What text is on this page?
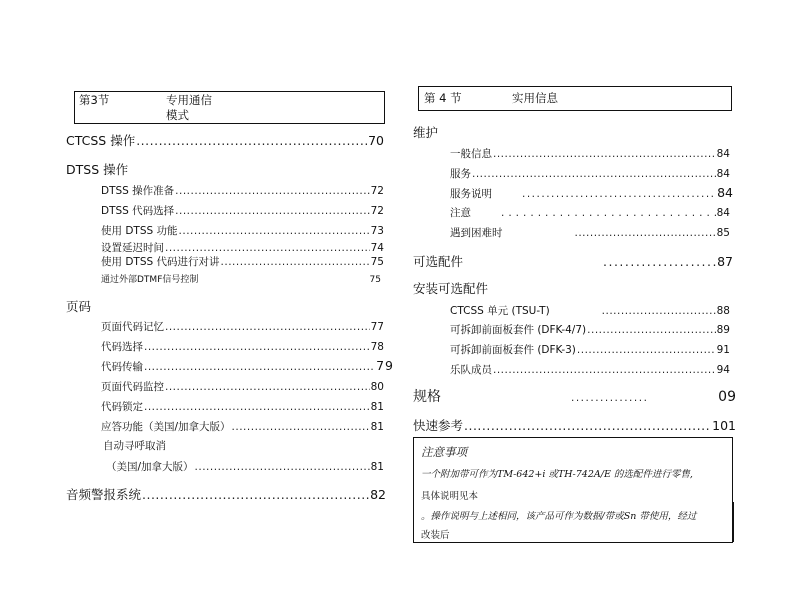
第3节	专用通信
模式
CTCSS 操作 .....	70
DTSS 操作
DTSS 操作准备 .....	72
DTSS 代码选择 .....	72
使用 DTSS 功能 .....	73
设置延迟时间 .....	74
使用 DTSS 代码进行对讲 .....	75
通过外部DTMF信号控制	75
页码
页面代码记忆 .....	77
代码选择 .....	78
代码传输 .....	79
页面代码监控 .....	80
代码锁定 .....	81
应答功能（美国/加拿大版） .....	81
自动寻呼取消
（美国/加拿大版） .....	81
音频警报系统 .....	82
第 4 节	实用信息
维护
一般信息 .....	84
服务 .....	84
服务说明 .....	84
注意 .....	84
遇到困难时 .....	85
可选配件 .....	87
安装可选配件
CTCSS 单元 (TSU-T) .....	88
可拆卸前面板套件 (DFK-4/7) .....	89
可拆卸前面板套件 (DFK-3) .....	91
乐队成员 .....	94
规格 .....	09
快速参考 .....	101
注意事项
一个附加带可作为TM-642+i 或TH-742A/E 的选配件进行零售,
具体说明见本
。操作说明与上述相同，该产品可作为数据/带或Sn 带使用，经过
改装后
